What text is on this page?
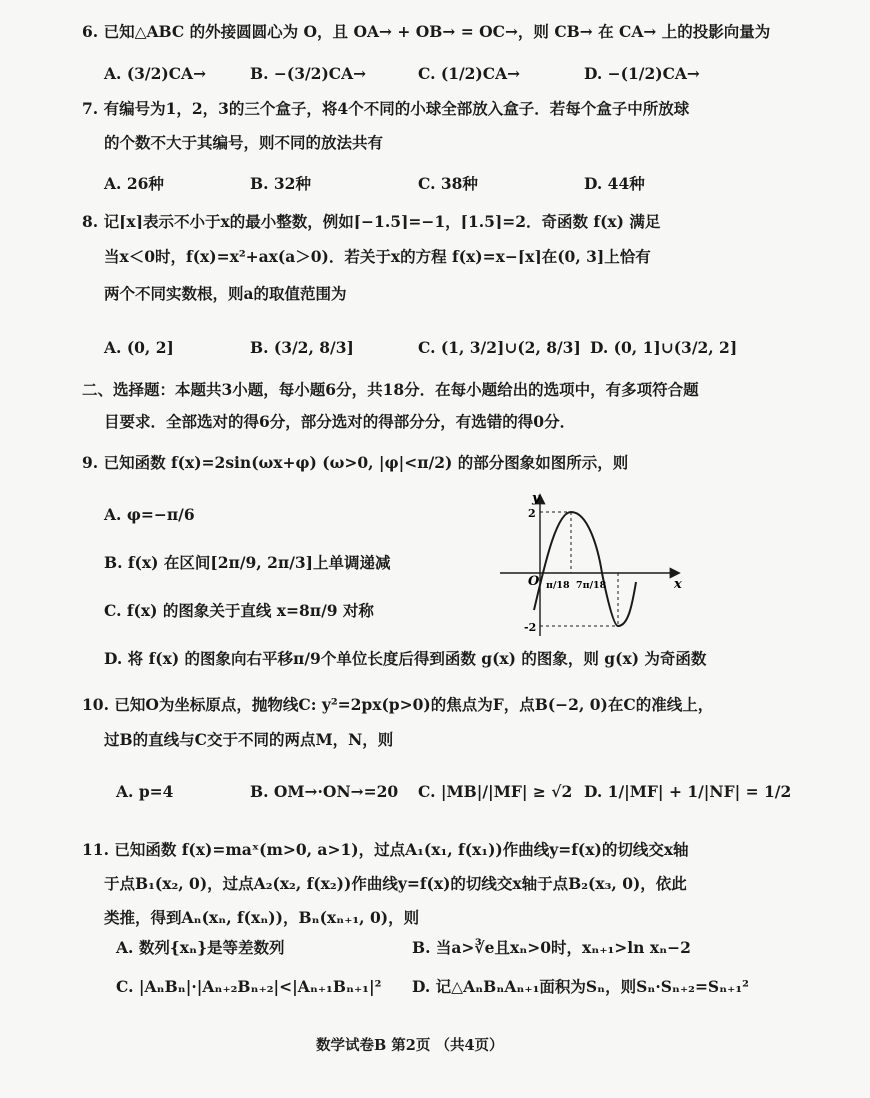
6. 已知△ABC 的外接圆圆心为 O，且 OA→ + OB→ = OC→，则 CB→ 在 CA→ 上的投影向量为
A. (3/2)CA→	B. −(3/2)CA→	C. (1/2)CA→	D. −(1/2)CA→
7. 有编号为1，2，3的三个盒子，将4个不同的小球全部放入盒子．若每个盒子中所放球
的个数不大于其编号，则不同的放法共有
A. 26种	B. 32种	C. 38种	D. 44种
8. 记⌈x⌉表示不小于x的最小整数，例如⌈−1.5⌉=−1，⌈1.5⌉=2．奇函数 f(x) 满足
当x＜0时，f(x)=x²+ax(a＞0)．若关于x的方程 f(x)=x−⌈x⌉在(0, 3]上恰有
两个不同实数根，则a的取值范围为
A. (0, 2]	B. (3/2, 8/3]	C. (1, 3/2]∪(2, 8/3] D. (0, 1]∪(3/2, 2]
二、选择题：本题共3小题，每小题6分，共18分．在每小题给出的选项中，有多项符合题
目要求．全部选对的得6分，部分选对的得部分分，有选错的得0分．
9. 已知函数 f(x)=2sin(ωx+φ) (ω>0, |φ|<π/2) 的部分图象如图所示，则
A. φ=−π/6
B. f(x) 在区间[2π/9, 2π/3]上单调递减
C. f(x) 的图象关于直线 x=8π/9 对称
D. 将 f(x) 的图象向右平移π/9个单位长度后得到函数 g(x) 的图象，则 g(x) 为奇函数
y
x
O
2
-2
π/18 7π/18
10. 已知O为坐标原点，抛物线C: y²=2px(p>0)的焦点为F，点B(−2, 0)在C的准线上，
过B的直线与C交于不同的两点M，N，则
A. p=4	B. OM→·ON→=20 C. |MB|/|MF| ≥ √2 D. 1/|MF| + 1/|NF| = 1/2
11. 已知函数 f(x)=maˣ(m>0, a>1)，过点A₁(x₁, f(x₁))作曲线y=f(x)的切线交x轴
于点B₁(x₂, 0)，过点A₂(x₂, f(x₂))作曲线y=f(x)的切线交x轴于点B₂(x₃, 0)，依此
类推，得到Aₙ(xₙ, f(xₙ))，Bₙ(xₙ₊₁, 0)，则
A. 数列{xₙ}是等差数列	B. 当a>∛e且xₙ>0时，xₙ₊₁>ln xₙ−2
C. |AₙBₙ|·|Aₙ₊₂Bₙ₊₂|<|Aₙ₊₁Bₙ₊₁|² D. 记△AₙBₙAₙ₊₁面积为Sₙ，则Sₙ·Sₙ₊₂=Sₙ₊₁²
数学试卷B 第2页 （共4页）
